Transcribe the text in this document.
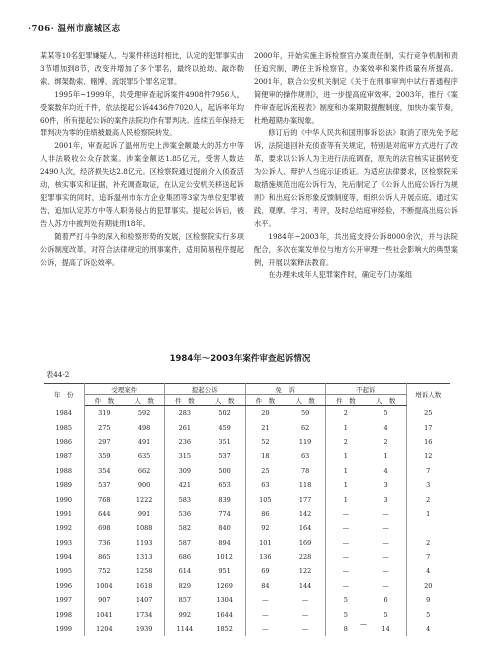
·706· 温州市鹿城区志

某某等10名犯罪嫌疑人，与案件移送时相比，认定的犯罪事实由3节增加到8节，改变并增加了多个罪名，最终以抢劫、敲诈勒索、绑架勒索、赌博、流氓罪5个罪名定罪。

1995年~1999年，共受理审查起诉案件4908件7956人，受案数年均近千件，依法提起公诉4436件7020人，起诉率年均60件，所有提起公诉的案件法院均作有罪判决。连续五年保持无罪判决为零的佳绩被最高人民检察院转发。

2001年，审查起诉了温州历史上涉案金额最大的苏方中等人非法吸收公众存款案。涉案金额达1.85亿元，受害人数达2490人次，经济损失达2.8亿元。区检察院通过提前介入侦查活动，核实事实和证据，补充调查取证，在认定公安机关移送起诉犯罪事实的同时，追诉温州市东方企业集团等3家为单位犯罪被告，追加认定苏方中等人职务侵占的犯罪事实。提起公诉后，被告人苏方中被判处有期徒刑18年。

随着严打斗争的深入和检察形势的发展，区检察院实行多项公诉制度改革，对符合法律规定的刑事案件，适用简易程序提起公诉，提高了诉讼效率。

2000年，开始实施主诉检察官办案责任制，实行竞争机制和责任追究制，聘任主诉检察官，办案效率和案件质量有所提高。2001年，联合公安机关制定《关于在刑事审判中试行普通程序简便审的操作规则》，进一步提高庭审效率。2003年，推行《案件审查起诉流程表》制度和办案期限提醒制度，加快办案节奏，杜绝超期办案现象。

修订后的《中华人民共和国刑事诉讼法》取消了原先免予起诉，法院退回补充侦查等有关规定，特别是对庭审方式进行了改革，要求以公诉人为主进行法庭调查，原先的法官核实证据转变为公诉人、辩护人当庭示证质证。为适应法律要求，区检察院采取措施规范出庭公诉行为，先后制定了《公诉人出庭公诉行为规则》和出庭公诉形象反馈制度等，组织公诉人开展点庭、通过实践、观摩、学习、考评，及时总结庭审经验，不断提高出庭公诉水平。

1984年~2003年，共出庭支持公诉8000余次，并与法院配合，多次在案发单位与地方公开审理一些社会影响大的典型案例，开展以案释法教育。

在办理未成年人犯罪案件时，确定专门办案组

1984年～2003年案件审查起诉情况
表44-2
年　份	受理案件		提起公诉		免　诉		不起诉		增诉人数
	件　数	人　数	件　数	人　数	件　数	人　数	件　数	人　数	
1984	319	592	283	502	20	59	2	5	25
1985	275	498	261	459	21	62	1	4	17
1986	297	491	236	351	52	119	2	2	16
1987	359	635	315	537	18	63	1	1	12
1988	354	662	309	500	25	78	1	4	7
1989	537	900	421	653	63	118	1	3	3
1990	768	1222	583	839	105	177	1	3	2
1991	644	991	536	774	86	142	—	—	1
1992	698	1088	582	840	92	164	—	—	
1993	736	1193	587	894	101	169	—	—	2
1994	865	1313	686	1012	136	228	—	—	7
1995	752	1258	614	951	69	122	—	—	4
1996	1004	1618	829	1269	84	144	—	—	20
1997	907	1407	857	1304	—	—	5	6	9
1998	1041	1734	992	1644	—	—	5	5	5
1999	1204	1939	1144	1852	—	—	8	14	4
—
